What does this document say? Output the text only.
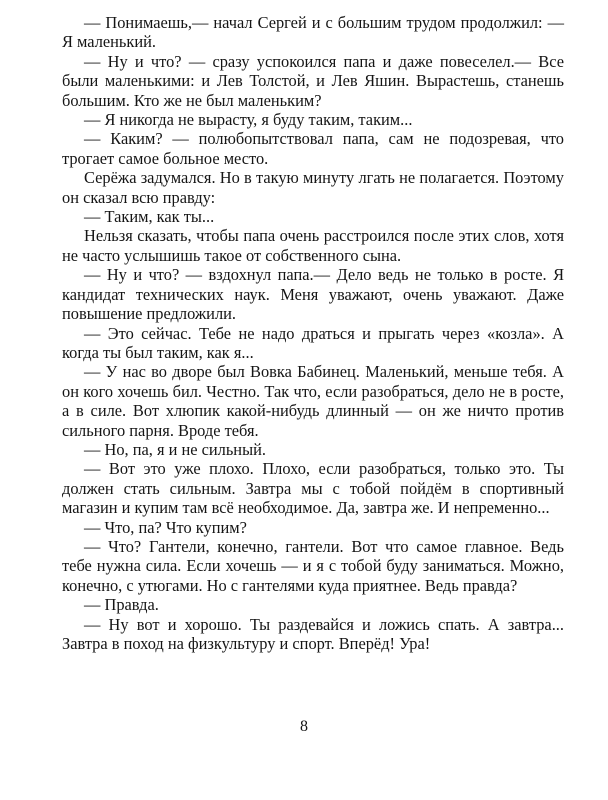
— Понимаешь,— начал Сергей и с большим трудом продолжил: — Я маленький.

— Ну и что? — сразу успокоился папа и даже повеселел.— Все были маленькими: и Лев Толстой, и Лев Яшин. Вырастешь, станешь большим. Кто же не был маленьким?

— Я никогда не вырасту, я буду таким, таким...

— Каким? — полюбопытствовал папа, сам не подозревая, что трогает самое больное место.

Серёжа задумался. Но в такую минуту лгать не полагается. Поэтому он сказал всю правду:

— Таким, как ты...

Нельзя сказать, чтобы папа очень расстроился после этих слов, хотя не часто услышишь такое от собственного сына.

— Ну и что? — вздохнул папа.— Дело ведь не только в росте. Я кандидат технических наук. Меня уважают, очень уважают. Даже повышение предложили.

— Это сейчас. Тебе не надо драться и прыгать через «козла». А когда ты был таким, как я...

— У нас во дворе был Вовка Бабинец. Маленький, меньше тебя. А он кого хочешь бил. Честно. Так что, если разобраться, дело не в росте, а в силе. Вот хлюпик какой-нибудь длинный — он же ничто против сильного парня. Вроде тебя.

— Но, па, я и не сильный.

— Вот это уже плохо. Плохо, если разобраться, только это. Ты должен стать сильным. Завтра мы с тобой пойдём в спортивный магазин и купим там всё необходимое. Да, завтра же. И непременно...

— Что, па? Что купим?

— Что? Гантели, конечно, гантели. Вот что самое главное. Ведь тебе нужна сила. Если хочешь — и я с тобой буду заниматься. Можно, конечно, с утюгами. Но с гантелями куда приятнее. Ведь правда?

— Правда.

— Ну вот и хорошо. Ты раздевайся и ложись спать. А завтра... Завтра в поход на физкультуру и спорт. Вперёд! Ура!

8
